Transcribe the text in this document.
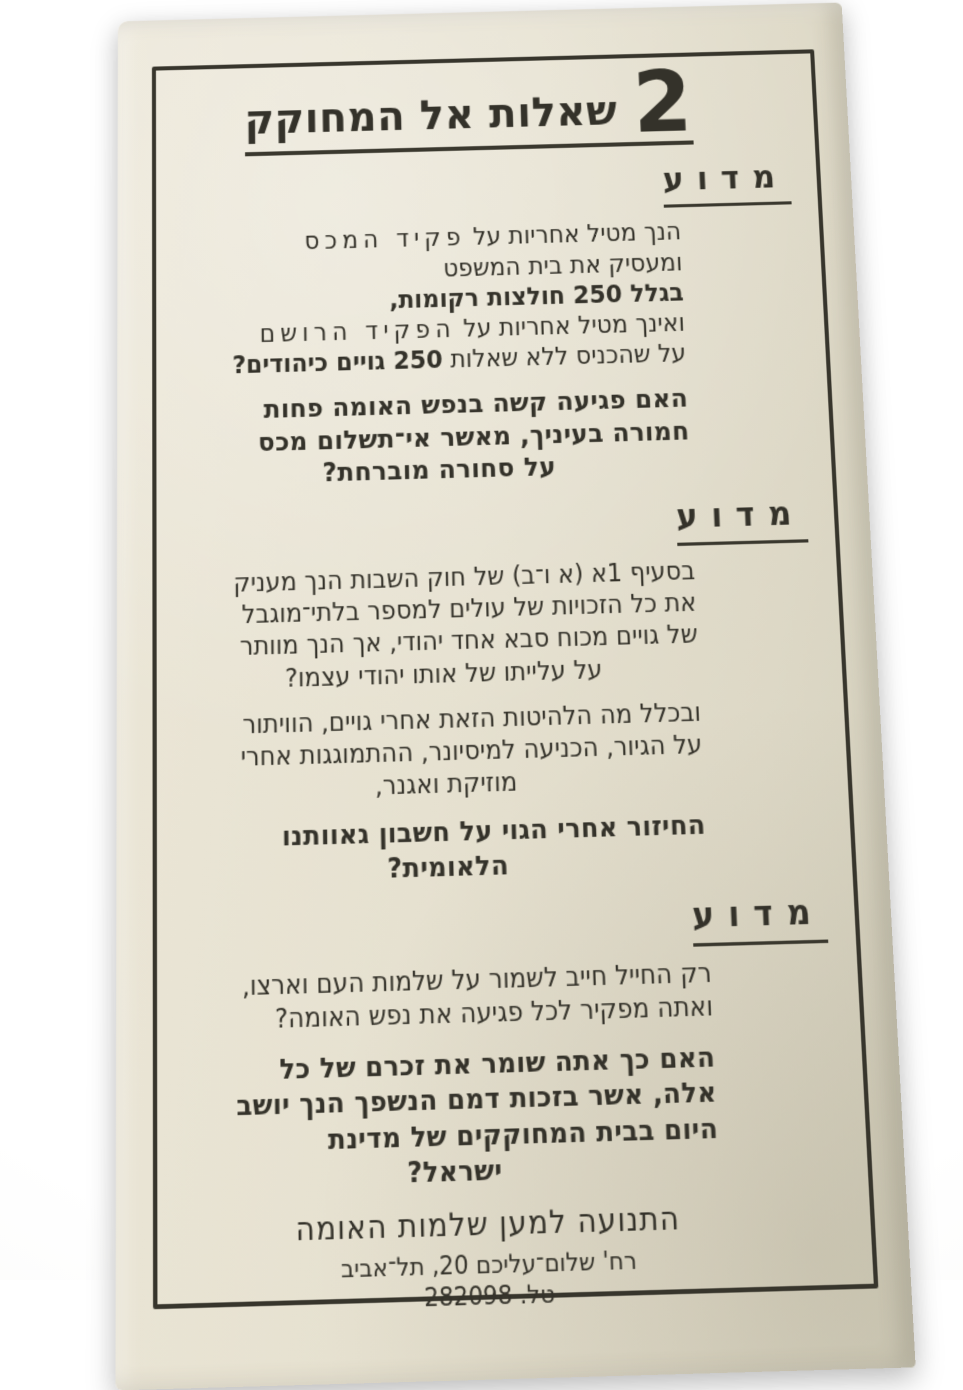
2
שאלות אל המחוקק
מדוע
הנך מטיל אחריות על פקיד המכס
ומעסיק את בית המשפט
בגלל 250 חולצות רקומות,
ואינך מטיל אחריות על הפקיד הרושם
על שהכניס ללא שאלות 250 גויים כיהודים?
האם פגיעה קשה בנפש האומה פחות
חמורה בעיניך, מאשר אי־תשלום מכס
על סחורה מוברחת?
מדוע
בסעיף 1א (א ו־ב) של חוק השבות הנך מעניק
את כל הזכויות של עולים למספר בלתי־מוגבל
של גויים מכוח סבא אחד יהודי, אך הנך מוותר
על עלייתו של אותו יהודי עצמו?
ובכלל מה הלהיטות הזאת אחרי גויים, הוויתור
על הגיור, הכניעה למיסיונר, ההתמוגגות אחרי
מוזיקת ואגנר,
החיזור אחרי הגוי על חשבון גאוותנו
הלאומית?
מדוע
רק החייל חייב לשמור על שלמות העם וארצו,
ואתה מפקיר לכל פגיעה את נפש האומה?
האם כך אתה שומר את זכרם של כל
אלה, אשר בזכות דמם הנשפך הנך יושב
היום בבית המחוקקים של מדינת
ישראל?
התנועה למען שלמות האומה
רח' שלום־עליכם 20, תל־אביב
טל. 282098
